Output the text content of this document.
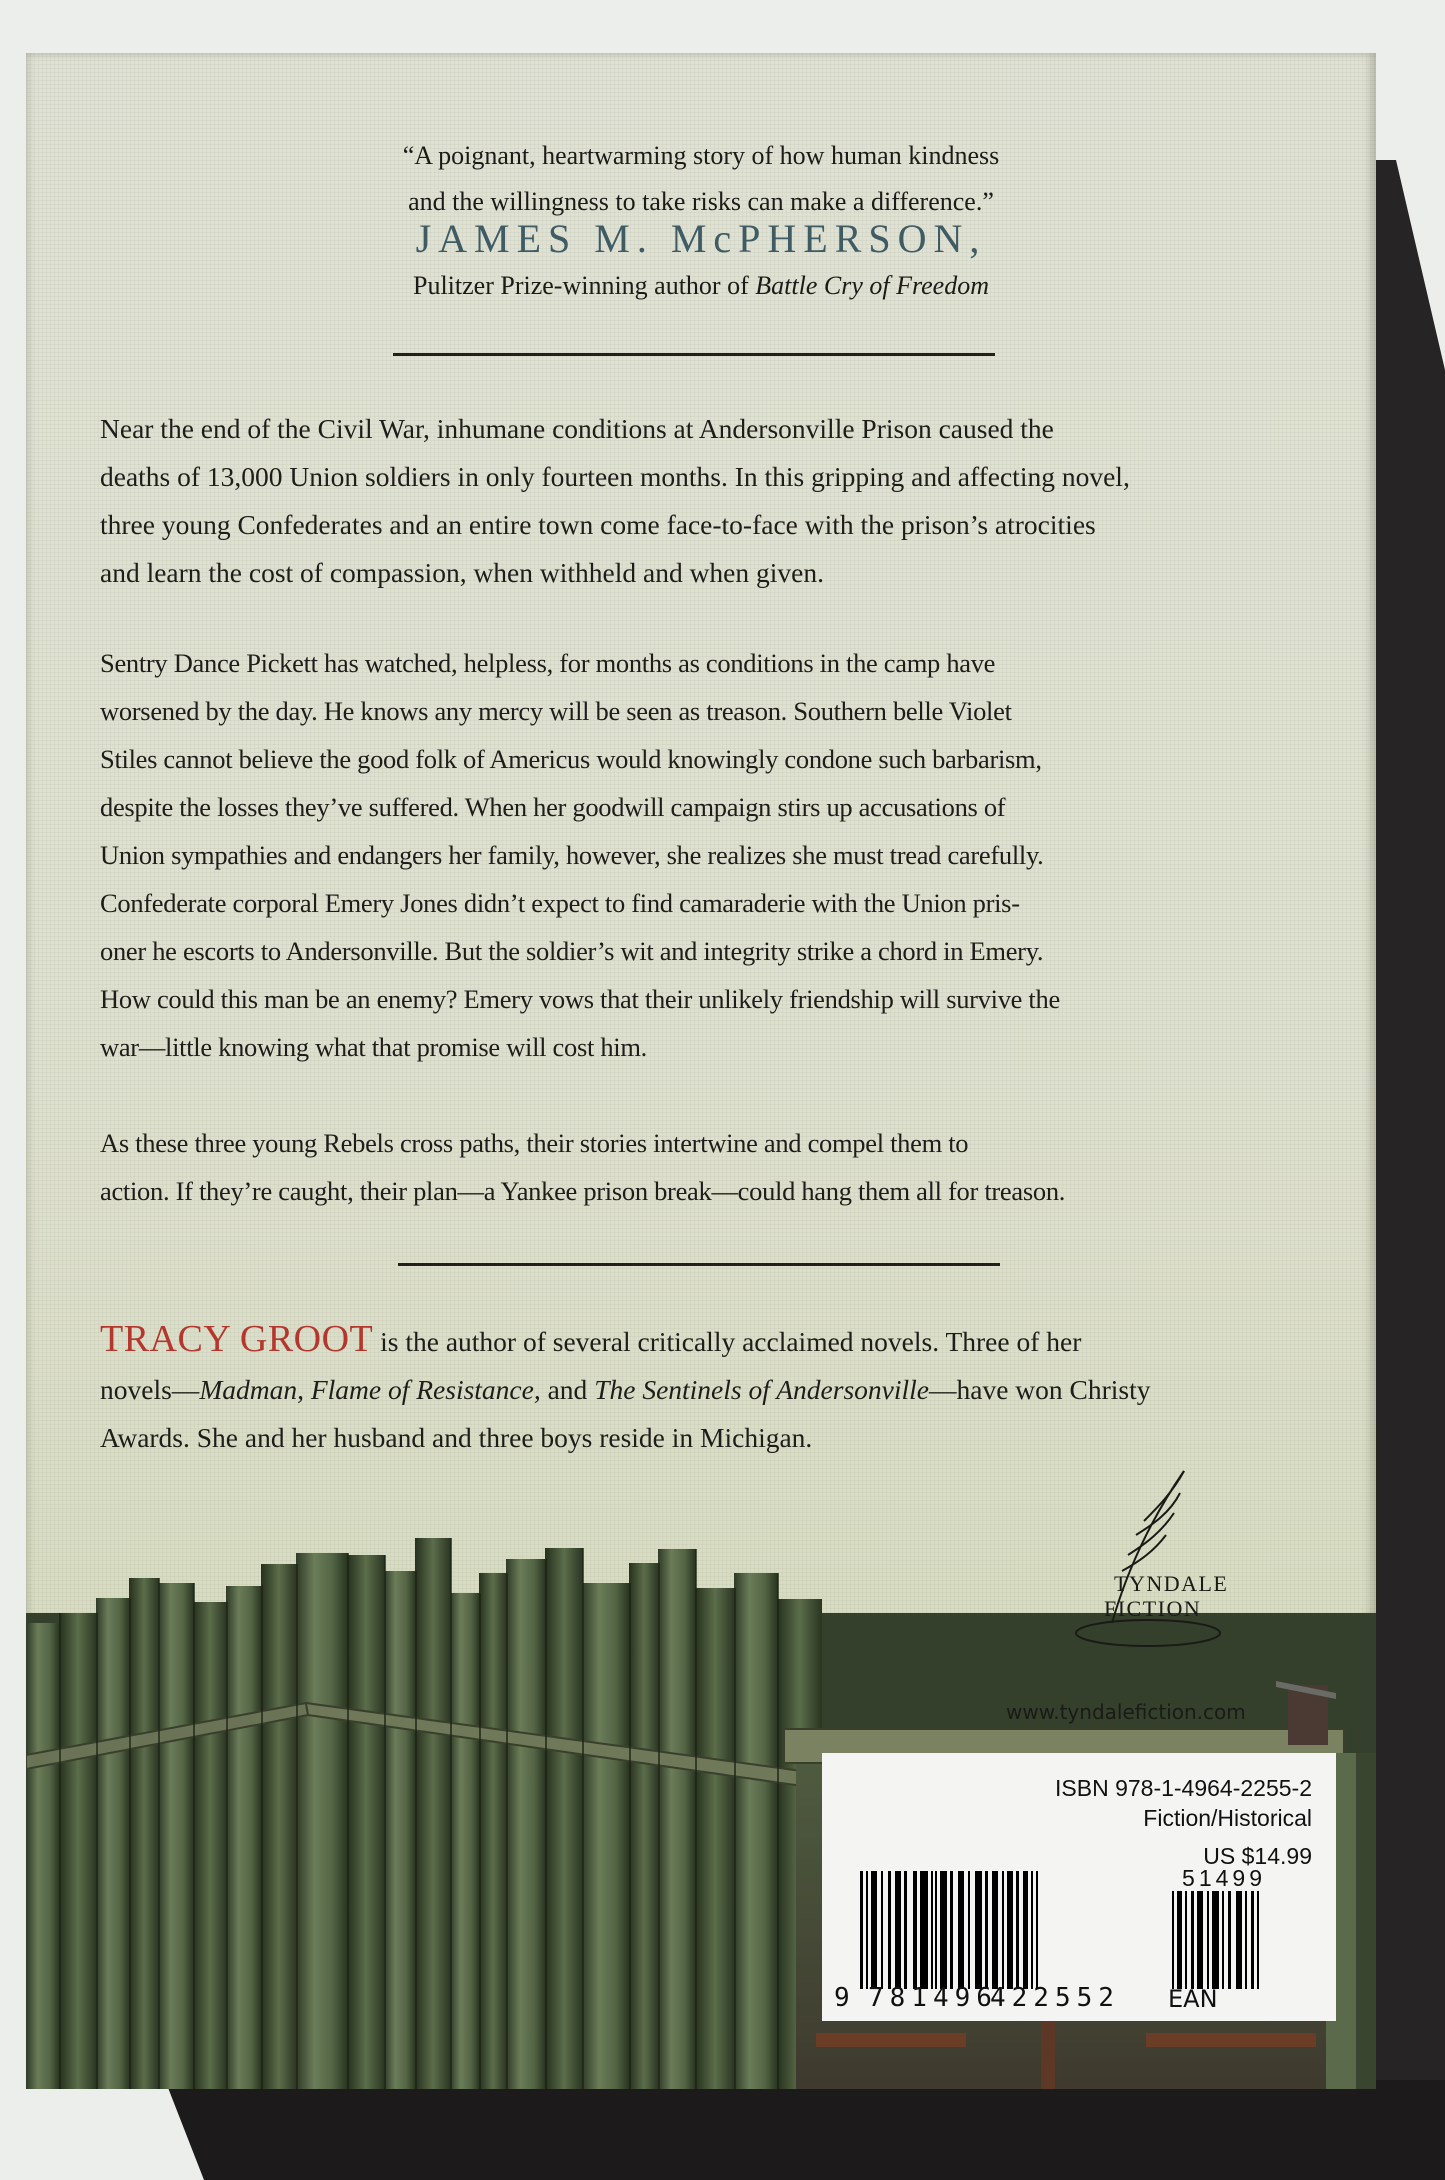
“A poignant, heartwarming story of how human kindness
and the willingness to take risks can make a difference.”
JAMES M. McPHERSON,
Pulitzer Prize-winning author of Battle Cry of Freedom
Near the end of the Civil War, inhumane conditions at Andersonville Prison caused the
deaths of 13,000 Union soldiers in only fourteen months. In this gripping and affecting novel,
three young Confederates and an entire town come face-to-face with the prison’s atrocities
and learn the cost of compassion, when withheld and when given.
Sentry Dance Pickett has watched, helpless, for months as conditions in the camp have
worsened by the day. He knows any mercy will be seen as treason. Southern belle Violet
Stiles cannot believe the good folk of Americus would knowingly condone such barbarism,
despite the losses they’ve suffered. When her goodwill campaign stirs up accusations of
Union sympathies and endangers her family, however, she realizes she must tread carefully.
Confederate corporal Emery Jones didn’t expect to find camaraderie with the Union pris-
oner he escorts to Andersonville. But the soldier’s wit and integrity strike a chord in Emery.
How could this man be an enemy? Emery vows that their unlikely friendship will survive the
war—little knowing what that promise will cost him.
As these three young Rebels cross paths, their stories intertwine and compel them to
action. If they’re caught, their plan—a Yankee prison break—could hang them all for treason.
TRACY GROOT is the author of several critically acclaimed novels. Three of her
novels—Madman, Flame of Resistance, and The Sentinels of Andersonville—have won Christy
Awards. She and her husband and three boys reside in Michigan.
TYNDALE
FICTION
www.tyndalefiction.com
ISBN 978-1-4964-2255-2
Fiction/Historical
US $14.99
51499
9 781496
422552 EAN
